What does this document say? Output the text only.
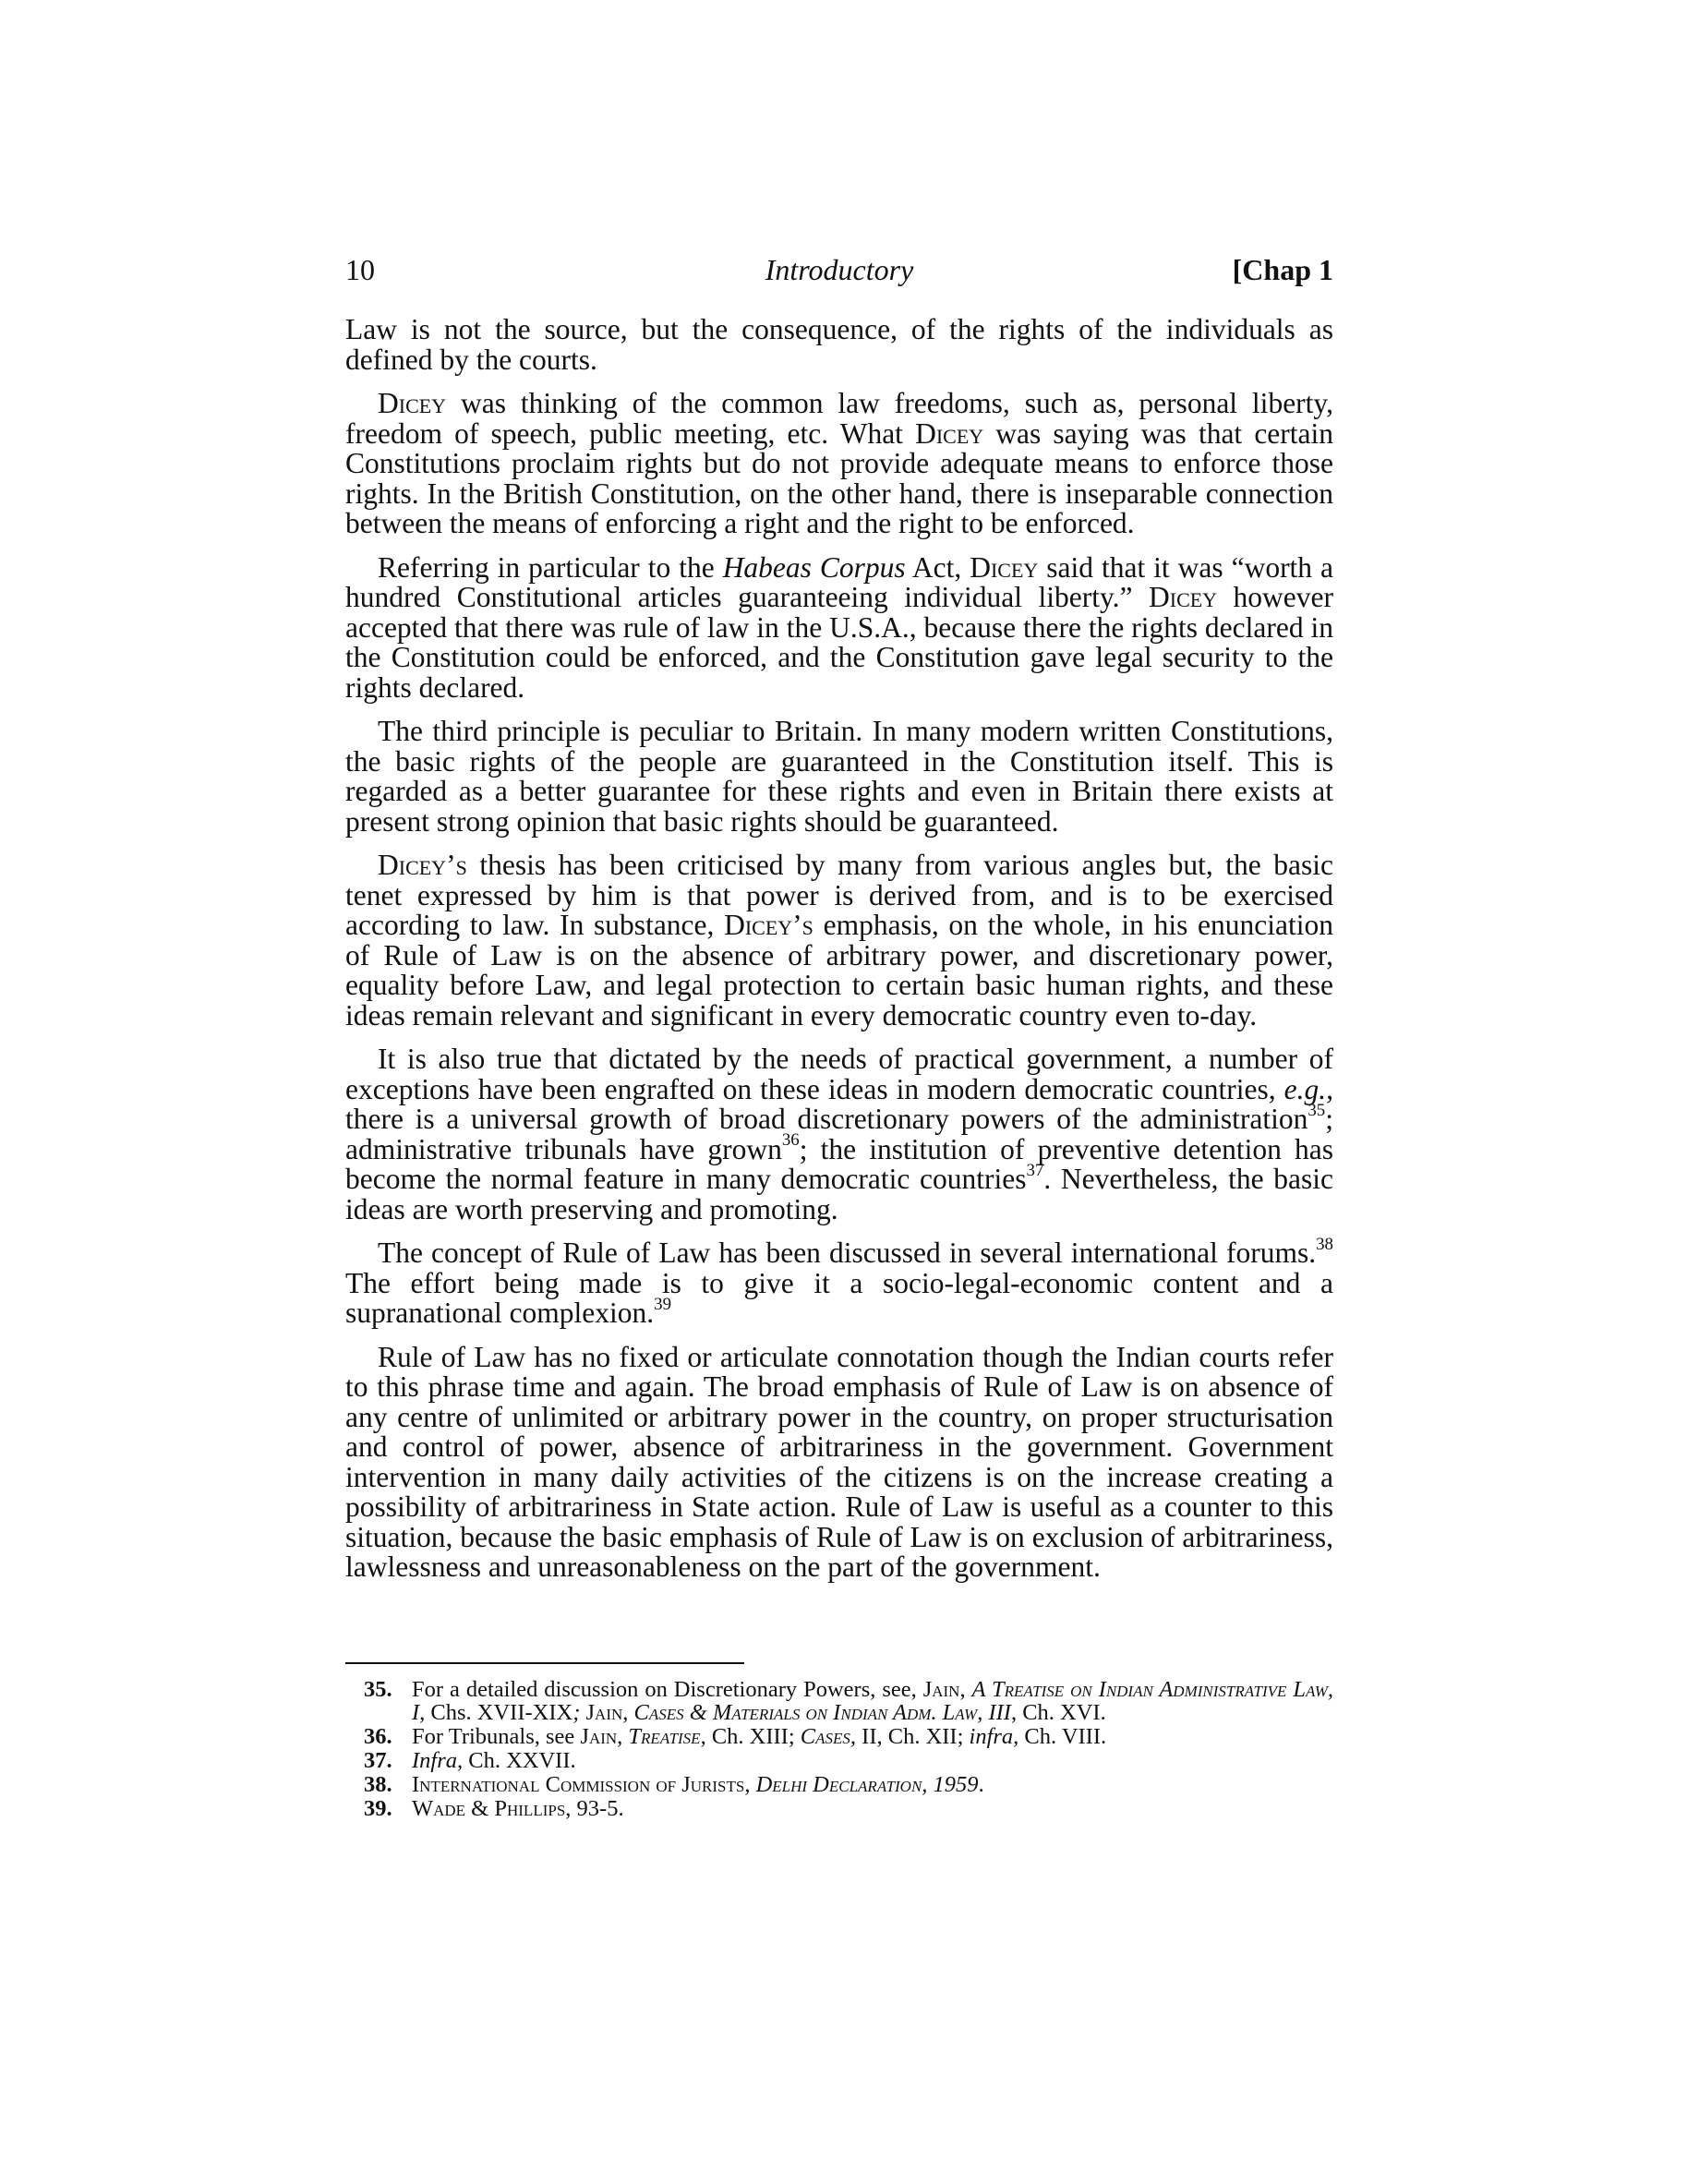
10	Introductory	[Chap 1

Law is not the source, but the consequence, of the rights of the individuals as defined by the courts.

Dicey was thinking of the common law freedoms, such as, personal liberty, freedom of speech, public meeting, etc. What Dicey was saying was that certain Constitutions proclaim rights but do not provide adequate means to enforce those rights. In the British Constitution, on the other hand, there is inseparable connection between the means of enforcing a right and the right to be enforced.

Referring in particular to the Habeas Corpus Act, Dicey said that it was “worth a hundred Constitutional articles guaranteeing individual liberty.” Dicey however accepted that there was rule of law in the U.S.A., because there the rights declared in the Constitution could be enforced, and the Constitution gave legal security to the rights declared.

The third principle is peculiar to Britain. In many modern written Constitutions, the basic rights of the people are guaranteed in the Constitution itself. This is regarded as a better guarantee for these rights and even in Britain there exists at present strong opinion that basic rights should be guaranteed.

Dicey’s thesis has been criticised by many from various angles but, the basic tenet expressed by him is that power is derived from, and is to be exercised according to law. In substance, Dicey’s emphasis, on the whole, in his enunciation of Rule of Law is on the absence of arbitrary power, and discretionary power, equality before Law, and legal protection to certain basic human rights, and these ideas remain relevant and significant in every democratic country even to-day.

It is also true that dictated by the needs of practical government, a number of exceptions have been engrafted on these ideas in modern democratic countries, e.g., there is a universal growth of broad discretionary powers of the administration$^{35}$; administrative tribunals have grown$^{36}$; the institution of preventive detention has become the normal feature in many democratic countries$^{37}$. Nevertheless, the basic ideas are worth preserving and promoting.

The concept of Rule of Law has been discussed in several international forums.$^{38}$ The effort being made is to give it a socio-legal-economic content and a supranational complexion.$^{39}$

Rule of Law has no fixed or articulate connotation though the Indian courts refer to this phrase time and again. The broad emphasis of Rule of Law is on absence of any centre of unlimited or arbitrary power in the country, on proper structurisation and control of power, absence of arbitrariness in the government. Government intervention in many daily activities of the citizens is on the increase creating a possibility of arbitrariness in State action. Rule of Law is useful as a counter to this situation, because the basic emphasis of Rule of Law is on exclusion of arbitrariness, lawlessness and unreasonableness on the part of the government.

35. For a detailed discussion on Discretionary Powers, see, Jain, A Treatise on Indian Administrative Law, I, Chs. XVII-XIX; Jain, Cases & Materials on Indian Adm. Law, III, Ch. XVI.
36. For Tribunals, see Jain, Treatise, Ch. XIII; Cases, II, Ch. XII; infra, Ch. VIII.
37. Infra, Ch. XXVII.
38. International Commission of Jurists, Delhi Declaration, 1959.
39. Wade & Phillips, 93-5.
